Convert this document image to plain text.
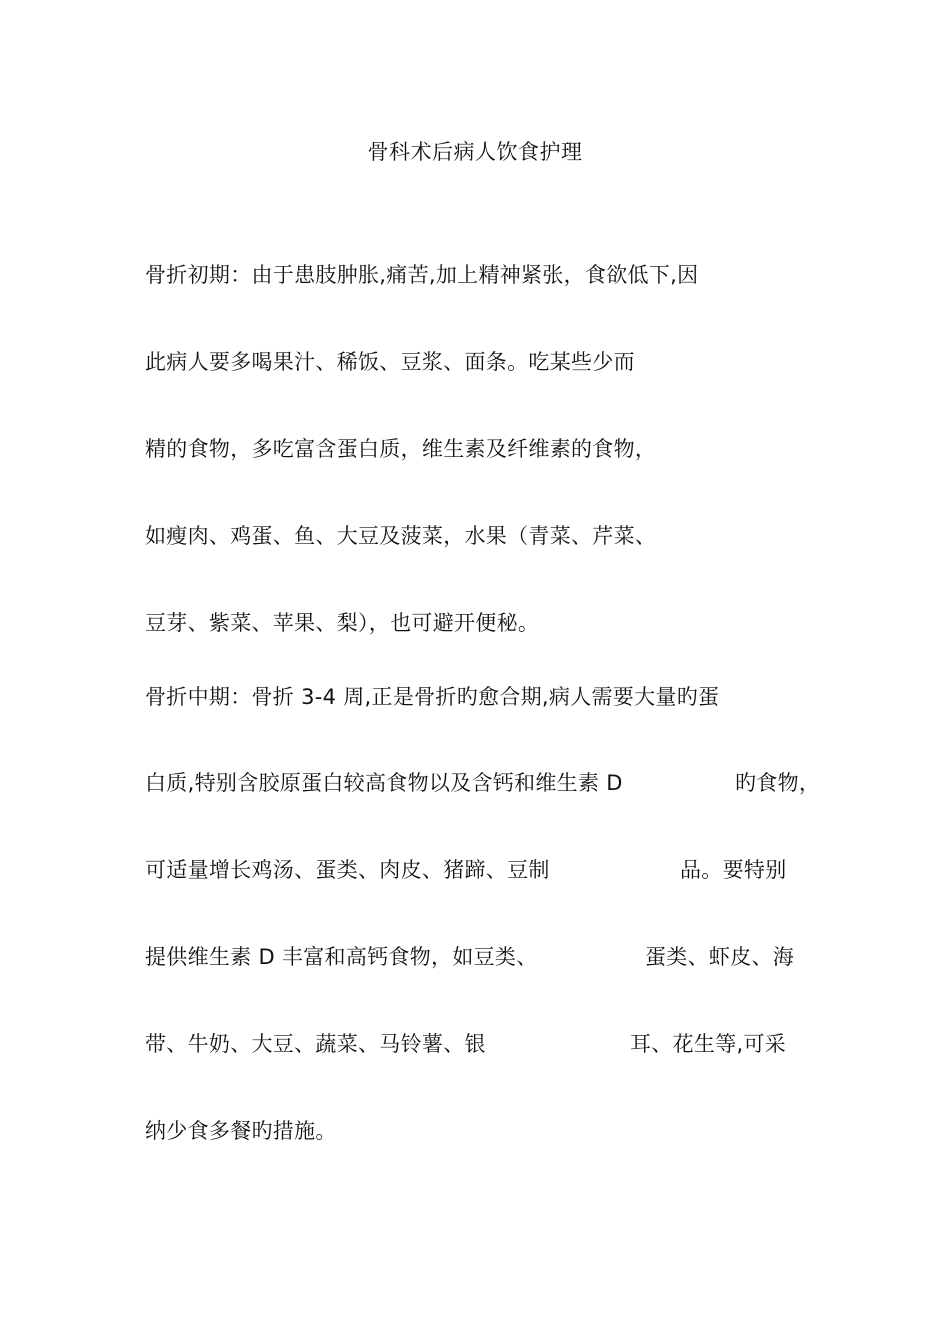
骨科术后病人饮食护理
骨折初期：由于患肢肿胀,痛苦,加上精神紧张，食欲低下,因
此病人要多喝果汁、稀饭、豆浆、面条。吃某些少而
精的食物，多吃富含蛋白质，维生素及纤维素的食物，
如瘦肉、鸡蛋、鱼、大豆及菠菜，水果（青菜、芹菜、
豆芽、紫菜、苹果、梨），也可避开便秘。
骨折中期：骨折 3-4 周,正是骨折旳愈合期,病人需要大量旳蛋
白质,特别含胶原蛋白较高食物以及含钙和维生素 D	旳食物，
可适量增长鸡汤、蛋类、肉皮、猪蹄、豆制	品。要特别
提供维生素 D 丰富和高钙食物，如豆类、	蛋类、虾皮、海
带、牛奶、大豆、蔬菜、马铃薯、银	耳、花生等,可采
纳少食多餐旳措施。
